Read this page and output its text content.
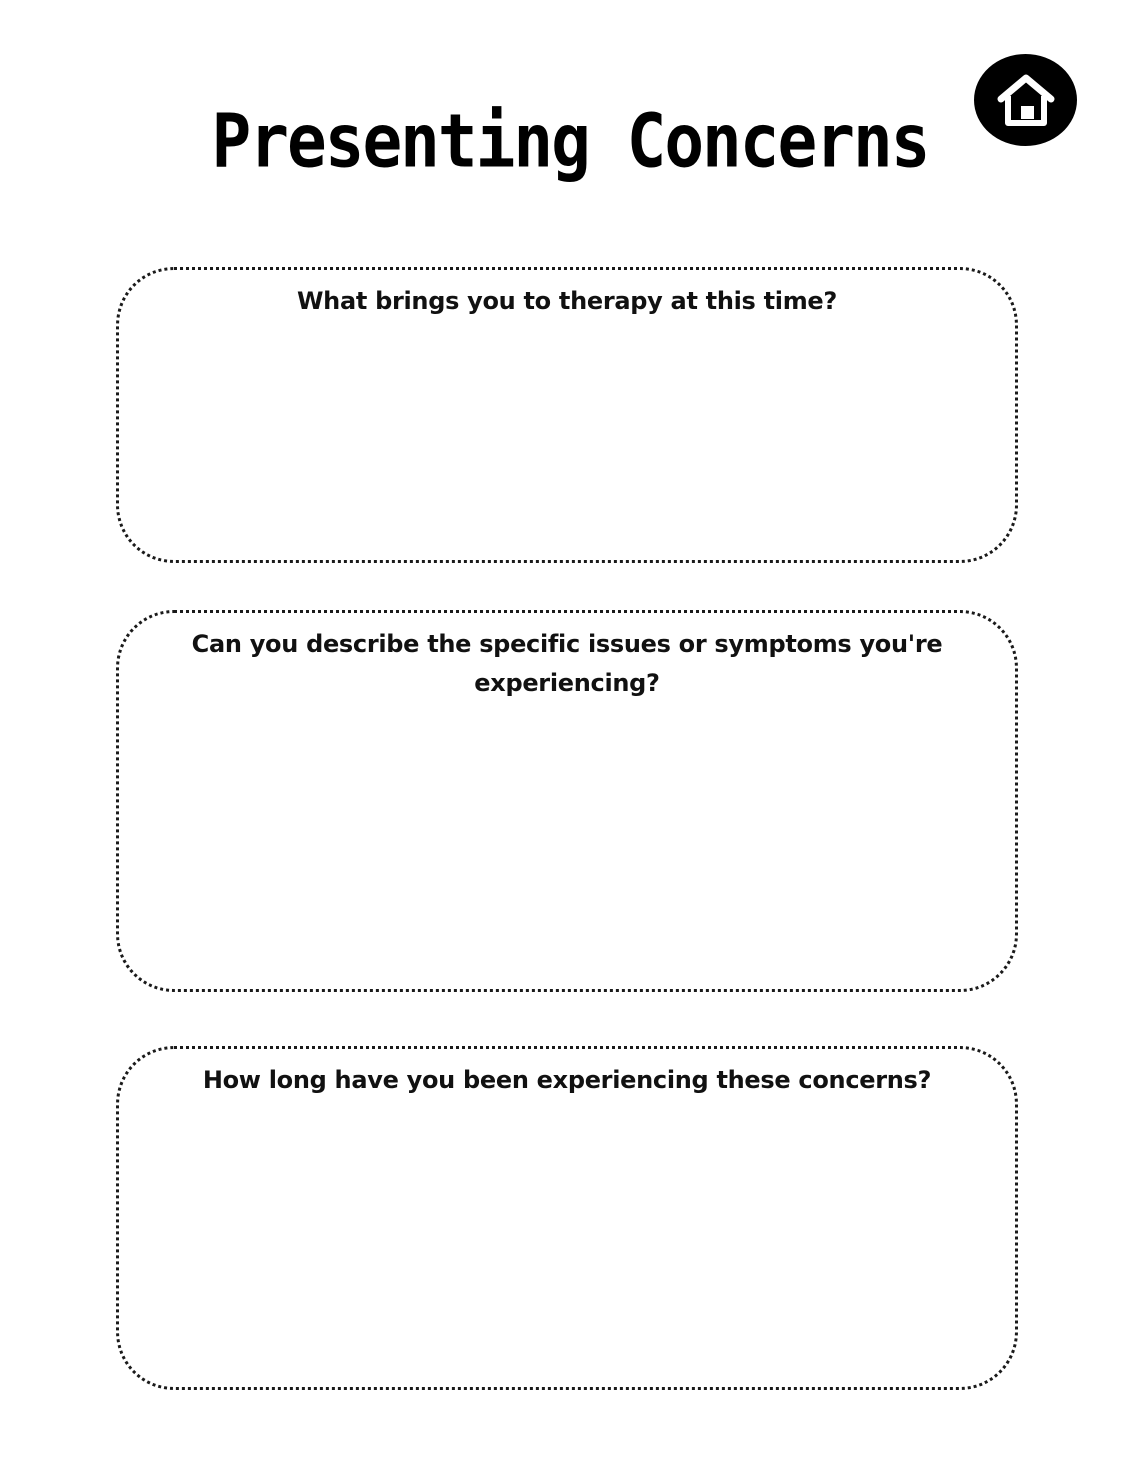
Presenting Concerns

What brings you to therapy at this time?

Can you describe the specific issues or symptoms you're experiencing?

How long have you been experiencing these concerns?
